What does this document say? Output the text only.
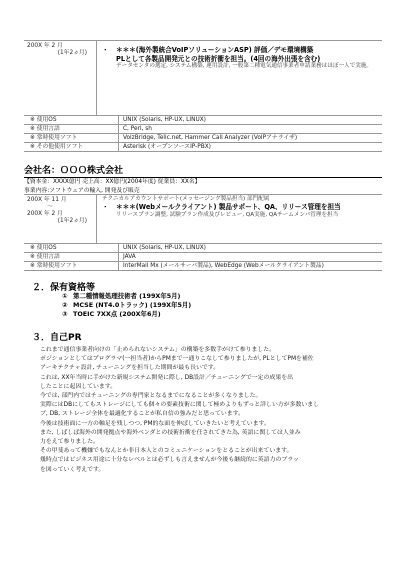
200X 年 2 月
(1年2ヵ月)	・ ＊＊＊(海外製統合VoIPソリューションASP) 評価／デモ環境構築
PLとして各製品開発元との技術折衝を担当。(4回の海外出張を含む)
データセンタの選定, システム構築, 運用設計, 一般第二種電気通信事業者申請業務はほぼ一人で実施。
※ 使用OS	UNIX (Solaris, HP-UX, LINUX)
※ 使用言語	C, Perl, sh
※ 常時使用ソフト	VoizBridge, Telic.net, Hammer Call Analyzer (VoIPアナライザ)
※ その他使用ソフト	Asterisk (オープンソースIP-PBX)
会社名：ＯＯＯ株式会社
【資本金：XXXX億円 売上高：XX億円(2004年度) 従業員：XX名】
事業内容:ソフトウェアの輸入, 開発及び販売
200X 年 11 月
～
200X 年 2 月
(1年2ヵ月)
テクニカルアカウントサポート(メッセージング製品担当) 部門配属
・ ＊＊＊(Webメールクライアント) 製品サポート、QA、リリース管理を担当
リリースプラン調整, 試験プラン作成及びレビュー, QA実施, QAチームメンバ管理を担当
※ 使用OS	UNIX (Solaris, HP-UX, LINUX)
※ 使用言語	JAVA
※ 常時使用ソフト	InterMail Mx (メールサーバ製品), WebEdge (Webメールクライアント製品)
２．保有資格等
① 第二種情報処理技術者 (199X年5月)
② MCSE (NT4.0トラック) (199X年5月)
③ TOEIC 7XX点 (200X年6月)
３．自己PR

これまで通信事業者向けの「止められないシステム」の構築を多数手がけて参りました。

ポジションとしてはプログラマ(一担当者)からPMまで一通りこなして参りましたが, PLとしてPMを補佐

アーキテクチャ設計, チューニングを担当した期間が最も長いです。

これは, XX年当時に手がけた新規システム開発に際し, DB設計／チューニングで一定の成果を出

したことに起因しています。

今では, 部門内ではチューニングの専門家となるまでになることが多くなりました。

実際にはDBにしてもストレージにしても個々の要素技術に関して極めよりもずっと詳しい方が多数いまし

ブ, DB, ストレージ全体を最適化することが私自信の強みだと思っています。

今後は技術面に一方の軸足を残しつつ, PM的な面を伸ばしていきたいと考えています。

また, しばしば海外の開発拠点や海外ベンダとの技術折衝を任されてきた為, 英語に関しては人並み

力をえて参りました。

その甲斐あって機嫌でもなんとか非日本人とのコミュニケーションをとることが出来ています。

幾時点ではビジネス用途に十分なレベルとは必ずしも言えませんが今後も継続的に英語力のブラッ

を図っていく考えです。
